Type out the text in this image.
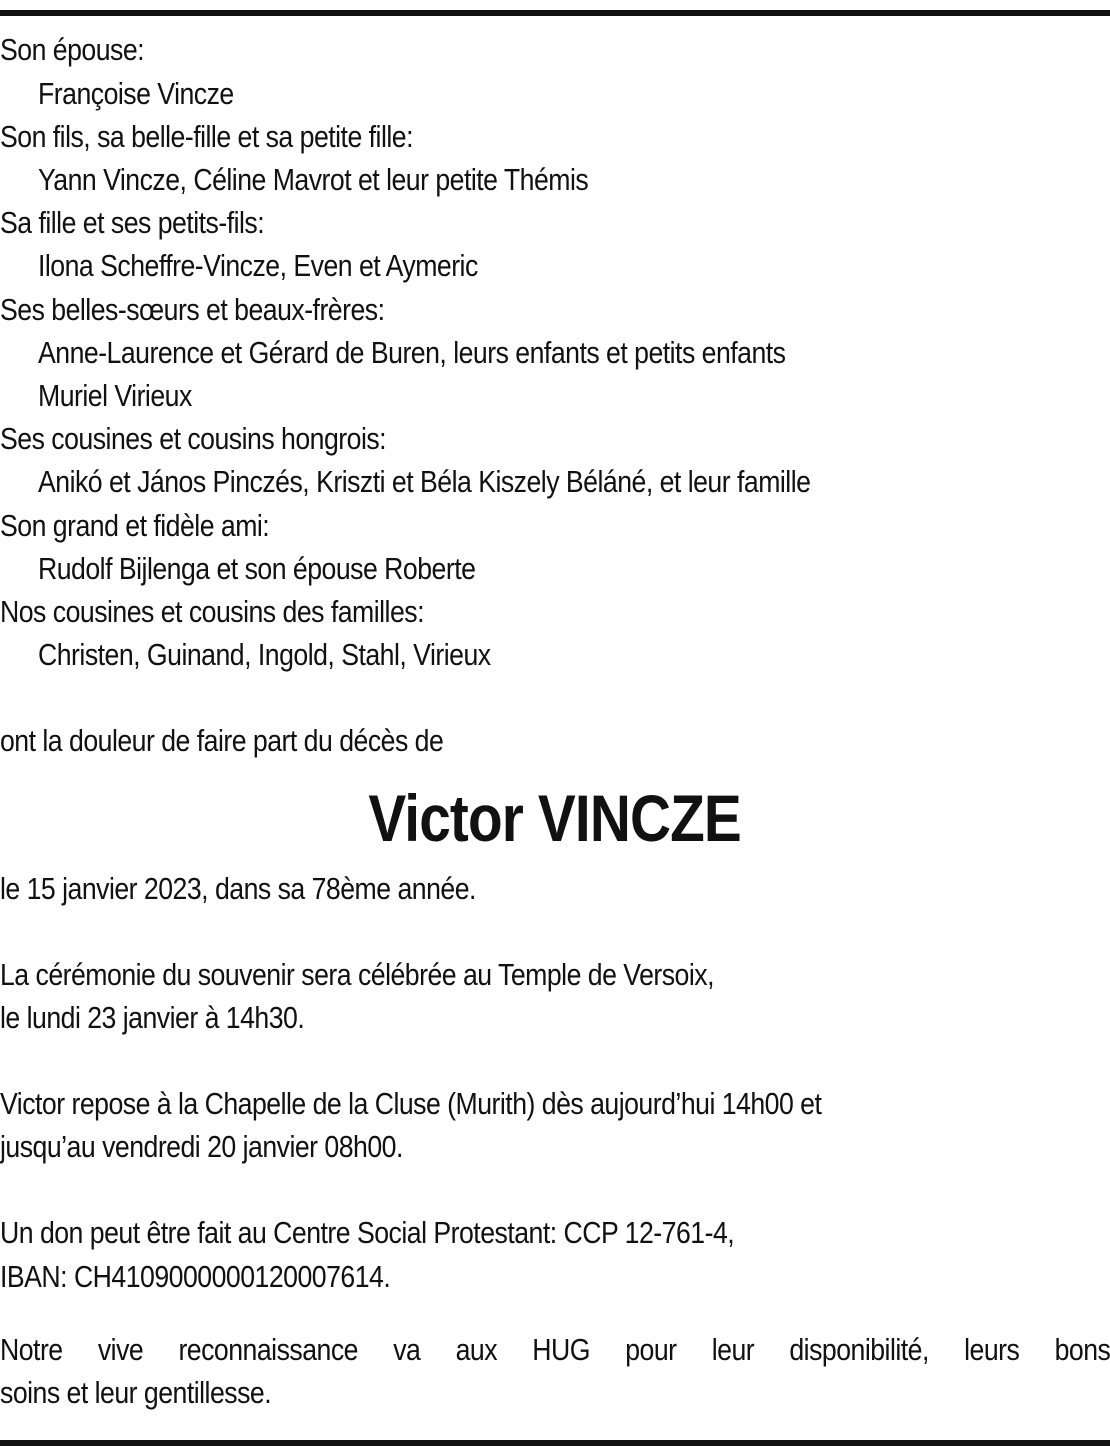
Son épouse:
Françoise Vincze
Son fils, sa belle-fille et sa petite fille:
Yann Vincze, Céline Mavrot et leur petite Thémis
Sa fille et ses petits-fils:
Ilona Scheffre-Vincze, Even et Aymeric
Ses belles-sœurs et beaux-frères:
Anne-Laurence et Gérard de Buren, leurs enfants et petits enfants
Muriel Virieux
Ses cousines et cousins hongrois:
Anikó et János Pinczés, Kriszti et Béla Kiszely Béláné, et leur famille
Son grand et fidèle ami:
Rudolf Bijlenga et son épouse Roberte
Nos cousines et cousins des familles:
Christen, Guinand, Ingold, Stahl, Virieux
ont la douleur de faire part du décès de
Victor VINCZE
le 15 janvier 2023, dans sa 78ème année.
La cérémonie du souvenir sera célébrée au Temple de Versoix,
le lundi 23 janvier à 14h30.
Victor repose à la Chapelle de la Cluse (Murith) dès aujourd’hui 14h00 et
jusqu’au vendredi 20 janvier 08h00.
Un don peut être fait au Centre Social Protestant: CCP 12-761-4,
IBAN: CH4109000000120007614.
Notre vive reconnaissance va aux HUG pour leur disponibilité, leurs bons
soins et leur gentillesse.
